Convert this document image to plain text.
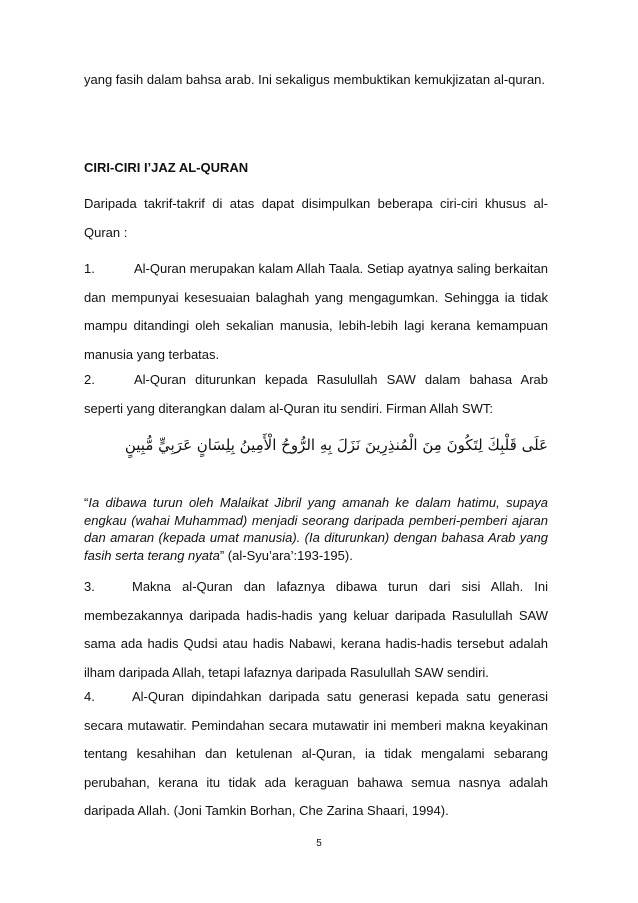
yang fasih dalam bahsa arab. Ini sekaligus membuktikan kemukjizatan al-quran.

CIRI-CIRI I’JAZ AL-QURAN

Daripada takrif-takrif di atas dapat disimpulkan beberapa ciri-ciri khusus al-Quran :

1.	Al-Quran merupakan kalam Allah Taala. Setiap ayatnya saling berkaitan dan mempunyai kesesuaian balaghah yang mengagumkan. Sehingga ia tidak mampu ditandingi oleh sekalian manusia, lebih-lebih lagi kerana kemampuan manusia yang terbatas.

2.	Al-Quran diturunkan kepada Rasulullah SAW dalam bahasa Arab seperti yang diterangkan dalam al-Quran itu sendiri. Firman Allah SWT:

عَلَى قَلْبِكَ لِتَكُونَ مِنَ الْمُنذِرِينَ نَزَلَ بِهِ الرُّوحُ الْأَمِينُ بِلِسَانٍ عَرَبِيٍّ مُّبِينٍ

“Ia dibawa turun oleh Malaikat Jibril yang amanah ke dalam hatimu, supaya engkau (wahai Muhammad) menjadi seorang daripada pemberi-pemberi ajaran dan amaran (kepada umat manusia). (Ia diturunkan) dengan bahasa Arab yang fasih serta terang nyata” (al-Syu’ara’:193-195).

3.	Makna al-Quran dan lafaznya dibawa turun dari sisi Allah. Ini membezakannya daripada hadis-hadis yang keluar daripada Rasulullah SAW sama ada hadis Qudsi atau hadis Nabawi, kerana hadis-hadis tersebut adalah ilham daripada Allah, tetapi lafaznya daripada Rasulullah SAW sendiri.

4.	Al-Quran dipindahkan daripada satu generasi kepada satu generasi secara mutawatir. Pemindahan secara mutawatir ini memberi makna keyakinan tentang kesahihan dan ketulenan al-Quran, ia tidak mengalami sebarang perubahan, kerana itu tidak ada keraguan bahawa semua nasnya adalah daripada Allah. (Joni Tamkin Borhan, Che Zarina Shaari, 1994).

5
